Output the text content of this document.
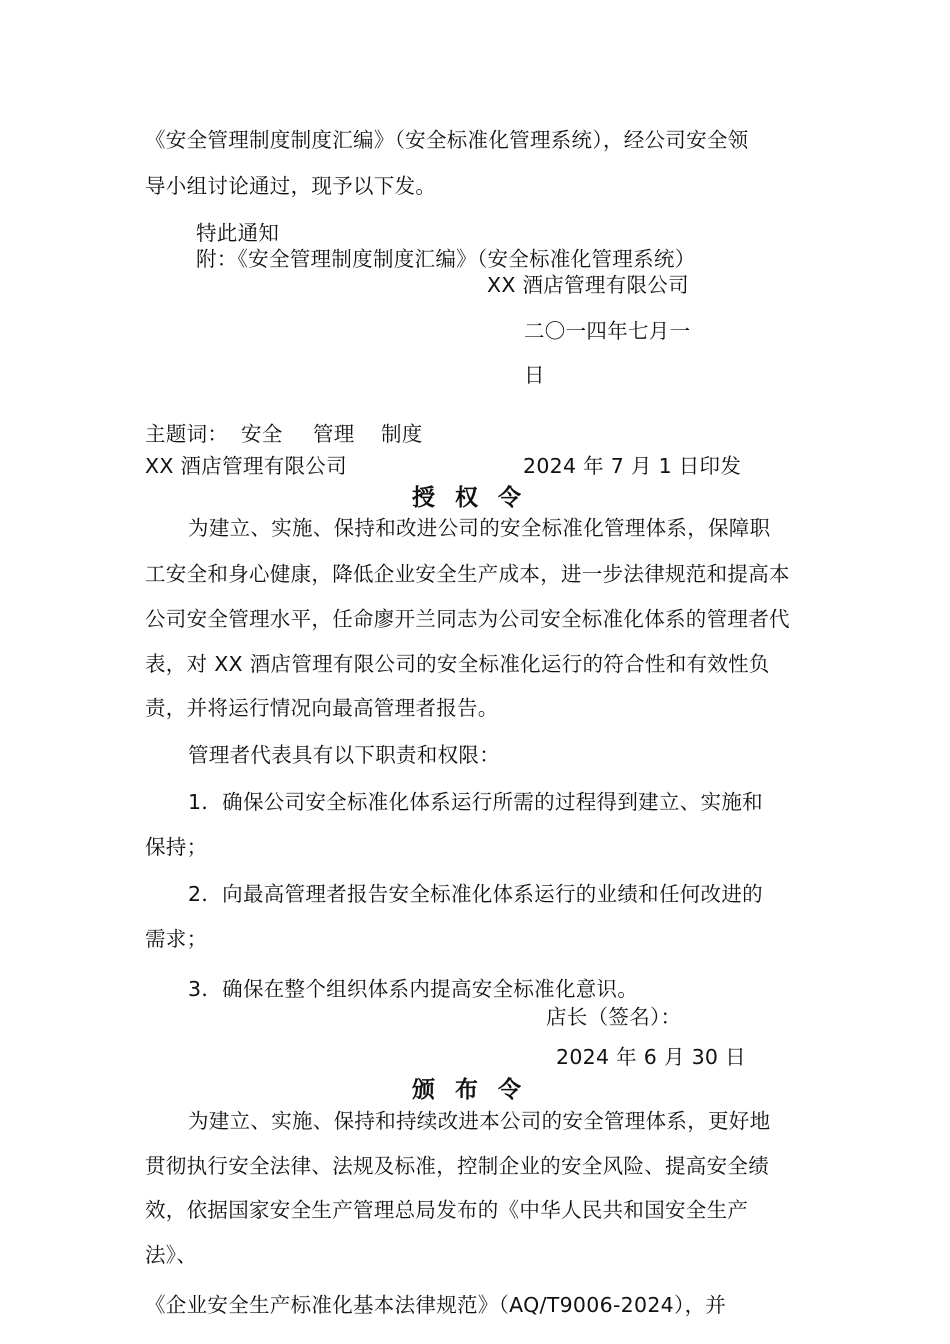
《安全管理制度制度汇编》（安全标准化管理系统），经公司安全领
导小组讨论通过，现予以下发。
特此通知
附：《安全管理制度制度汇编》（安全标准化管理系统）
XX 酒店管理有限公司
二〇一四年七月一
日
主题词： 安全 管理 制度
XX 酒店管理有限公司	2024 年 7 月 1 日印发
授权令
为建立、实施、保持和改进公司的安全标准化管理体系，保障职
工安全和身心健康，降低企业安全生产成本，进一步法律规范和提高本
公司安全管理水平，任命廖开兰同志为公司安全标准化体系的管理者代
表，对 XX 酒店管理有限公司的安全标准化运行的符合性和有效性负
责，并将运行情况向最高管理者报告。
管理者代表具有以下职责和权限：
1．确保公司安全标准化体系运行所需的过程得到建立、实施和
保持；
2．向最高管理者报告安全标准化体系运行的业绩和任何改进的
需求；
3．确保在整个组织体系内提高安全标准化意识。
店长（签名）：
2024 年 6 月 30 日
颁布令
为建立、实施、保持和持续改进本公司的安全管理体系，更好地
贯彻执行安全法律、法规及标准，控制企业的安全风险、提高安全绩
效，依据国家安全生产管理总局发布的《中华人民共和国安全生产
法》、
《企业安全生产标准化基本法律规范》（AQ/T9006-2024），并
